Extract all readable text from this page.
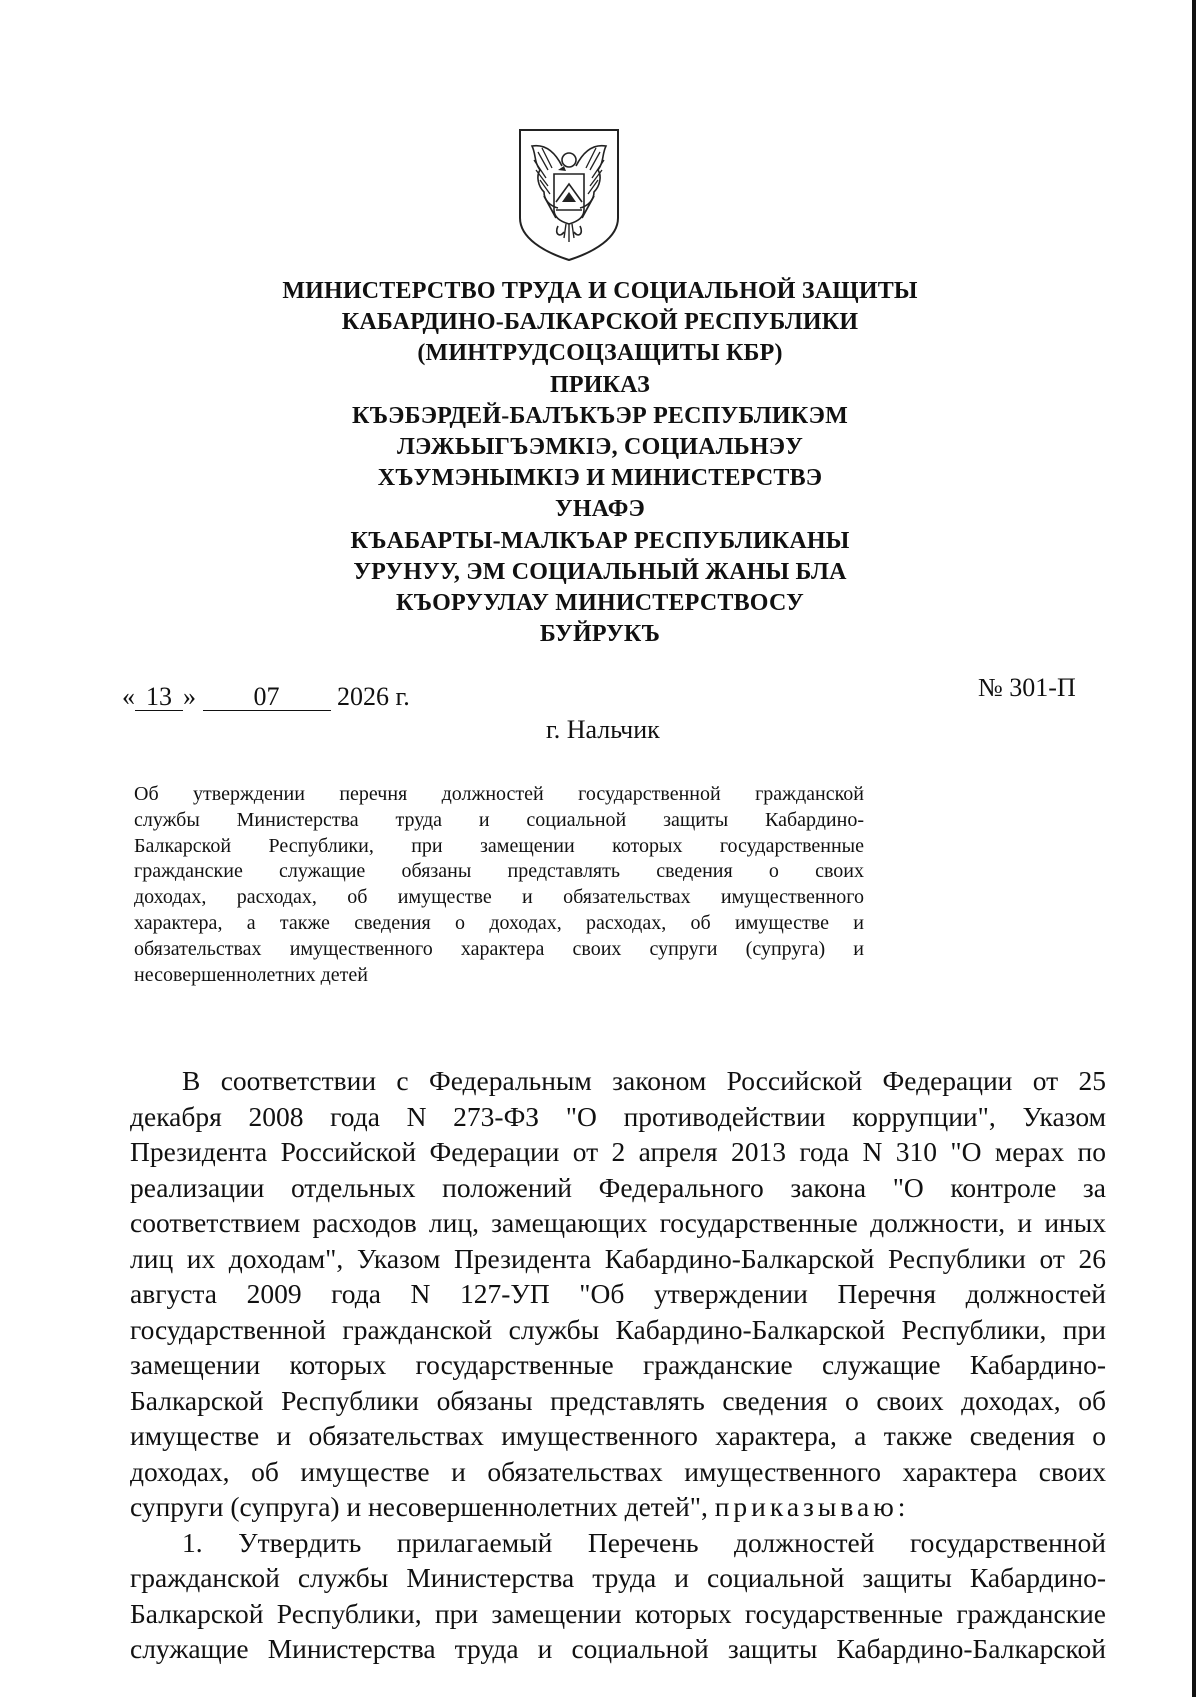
МИНИСТЕРСТВО ТРУДА И СОЦИАЛЬНОЙ ЗАЩИТЫ
КАБАРДИНО-БАЛКАРСКОЙ РЕСПУБЛИКИ
(МИНТРУДСОЦЗАЩИТЫ КБР)
ПРИКАЗ
КЪЭБЭРДЕЙ-БАЛЪКЪЭР РЕСПУБЛИКЭМ
ЛЭЖЬЫГЪЭМКIЭ, СОЦИАЛЬНЭУ
ХЪУМЭНЫМКIЭ И МИНИСТЕРСТВЭ
УНАФЭ
КЪАБАРТЫ-МАЛКЪАР РЕСПУБЛИКАНЫ
УРУНУУ, ЭМ СОЦИАЛЬНЫЙ ЖАНЫ БЛА
КЪОРУУЛАУ МИНИСТЕРСТВОСУ
БУЙРУКЪ
« 13 » 07 2026 г.	№ 301-П
г. Нальчик
Об утверждении перечня должностей государственной гражданской
службы Министерства труда и социальной защиты Кабардино-
Балкарской Республики, при замещении которых государственные
гражданские служащие обязаны представлять сведения о своих
доходах, расходах, об имуществе и обязательствах имущественного
характера, а также сведения о доходах, расходах, об имуществе и
обязательствах имущественного характера своих супруги (супруга) и
несовершеннолетних детей
В соответствии с Федеральным законом Российской Федерации от 25
декабря 2008 года N 273-ФЗ "О противодействии коррупции", Указом
Президента Российской Федерации от 2 апреля 2013 года N 310 "О мерах по
реализации отдельных положений Федерального закона "О контроле за
соответствием расходов лиц, замещающих государственные должности, и иных
лиц их доходам", Указом Президента Кабардино-Балкарской Республики от 26
августа 2009 года N 127-УП "Об утверждении Перечня должностей
государственной гражданской службы Кабардино-Балкарской Республики, при
замещении которых государственные гражданские служащие Кабардино-
Балкарской Республики обязаны представлять сведения о своих доходах, об
имуществе и обязательствах имущественного характера, а также сведения о
доходах, об имуществе и обязательствах имущественного характера своих
супруги (супруга) и несовершеннолетних детей", приказываю:
1. Утвердить прилагаемый Перечень должностей государственной
гражданской службы Министерства труда и социальной защиты Кабардино-
Балкарской Республики, при замещении которых государственные гражданские
служащие Министерства труда и социальной защиты Кабардино-Балкарской
